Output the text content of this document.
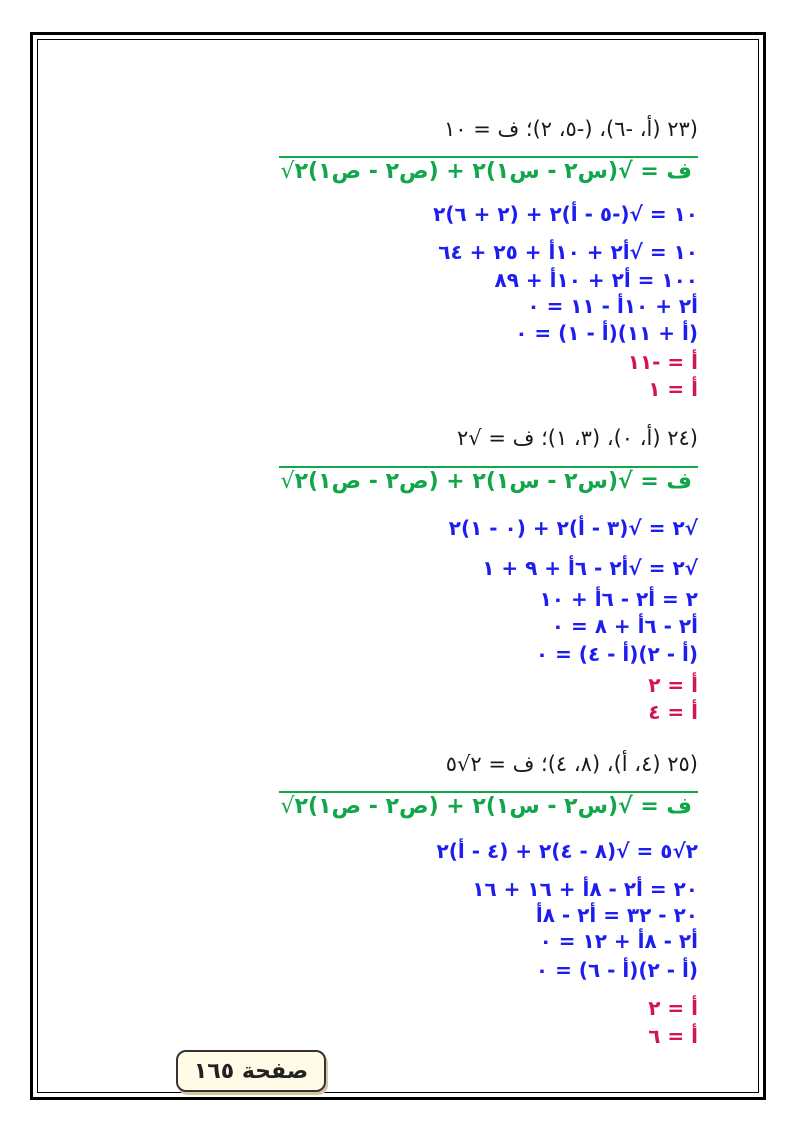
(٢٣ (أ، -٦)، (-٥، ٢)؛ ف = ١٠
ف = √(س٢ - س١)٢ + (ص٢ - ص١)٢ √
١٠ = √(-٥ - أ)٢ + (٢ + ٦)٢
١٠ = √أ٢ + ١٠أ + ٢٥ + ٦٤
١٠٠ = أ٢ + ١٠أ + ٨٩
أ٢ + ١٠أ - ١١ = ٠
(أ + ١١)(أ - ١) = ٠
أ = -١١
أ = ١
(٢٤ (أ، ٠)، (٣، ١)؛ ف = √٢
ف = √(س٢ - س١)٢ + (ص٢ - ص١)٢ √
√٢ = √(٣ - أ)٢ + (٠ - ١)٢
√٢ = √أ٢ - ٦أ + ٩ + ١
٢ = أ٢ - ٦أ + ١٠
أ٢ - ٦أ + ٨ = ٠
(أ - ٢)(أ - ٤) = ٠
أ = ٢
أ = ٤
(٢٥ (٤، أ)، (٨، ٤)؛ ف = ٢√٥
ف = √(س٢ - س١)٢ + (ص٢ - ص١)٢ √
٢√٥ = √(٨ - ٤)٢ + (٤ - أ)٢
٢٠ = أ٢ - ٨أ + ١٦ + ١٦
٢٠ - ٣٢ = أ٢ - ٨أ
أ٢ - ٨أ + ١٢ = ٠
(أ - ٢)(أ - ٦) = ٠
أ = ٢
أ = ٦
صفحة ١٦٥
